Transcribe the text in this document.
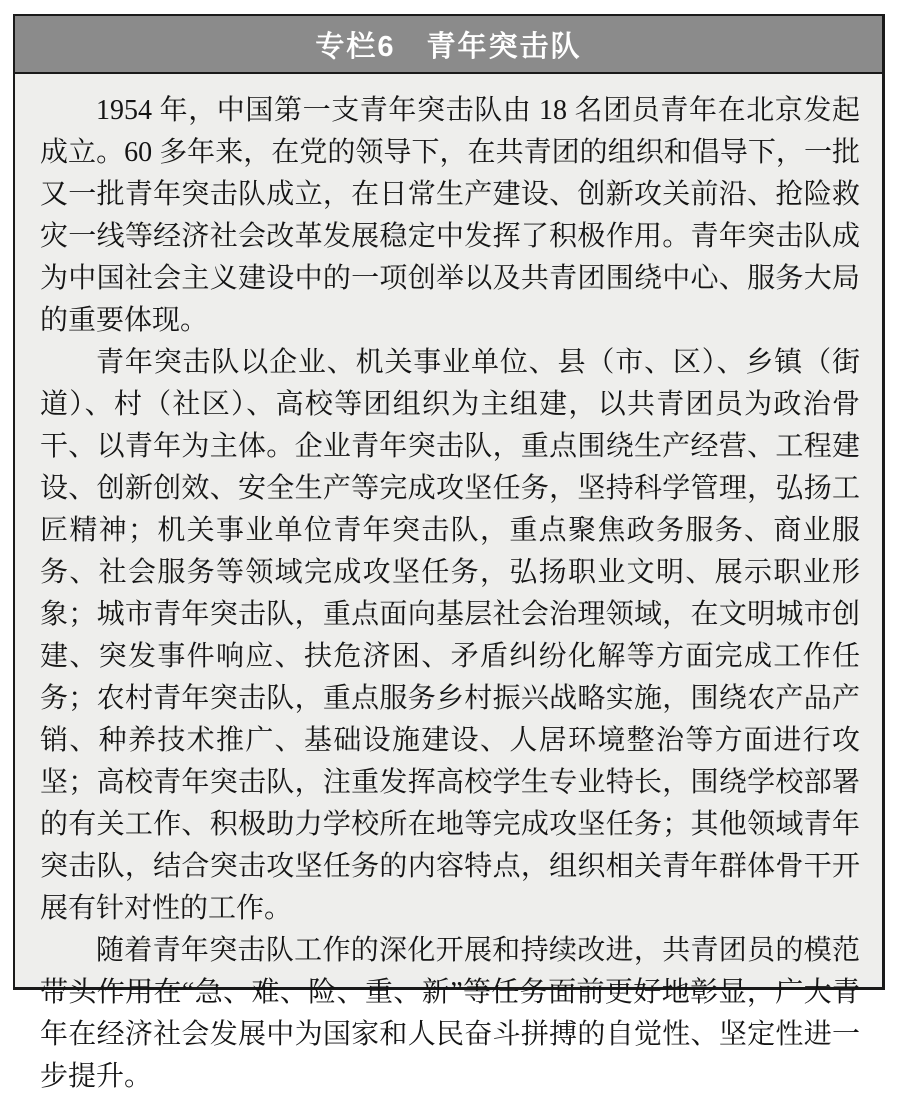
专栏6　青年突击队

1954 年，中国第一支青年突击队由 18 名团员青年在北京发起成立。60 多年来，在党的领导下，在共青团的组织和倡导下，一批又一批青年突击队成立，在日常生产建设、创新攻关前沿、抢险救灾一线等经济社会改革发展稳定中发挥了积极作用。青年突击队成为中国社会主义建设中的一项创举以及共青团围绕中心、服务大局的重要体现。

青年突击队以企业、机关事业单位、县（市、区）、乡镇（街道）、村（社区）、高校等团组织为主组建，以共青团员为政治骨干、以青年为主体。企业青年突击队，重点围绕生产经营、工程建设、创新创效、安全生产等完成攻坚任务，坚持科学管理，弘扬工匠精神；机关事业单位青年突击队，重点聚焦政务服务、商业服务、社会服务等领域完成攻坚任务，弘扬职业文明、展示职业形象；城市青年突击队，重点面向基层社会治理领域，在文明城市创建、突发事件响应、扶危济困、矛盾纠纷化解等方面完成工作任务；农村青年突击队，重点服务乡村振兴战略实施，围绕农产品产销、种养技术推广、基础设施建设、人居环境整治等方面进行攻坚；高校青年突击队，注重发挥高校学生专业特长，围绕学校部署的有关工作、积极助力学校所在地等完成攻坚任务；其他领域青年突击队，结合突击攻坚任务的内容特点，组织相关青年群体骨干开展有针对性的工作。

随着青年突击队工作的深化开展和持续改进，共青团员的模范带头作用在“急、难、险、重、新”等任务面前更好地彰显，广大青年在经济社会发展中为国家和人民奋斗拼搏的自觉性、坚定性进一步提升。
